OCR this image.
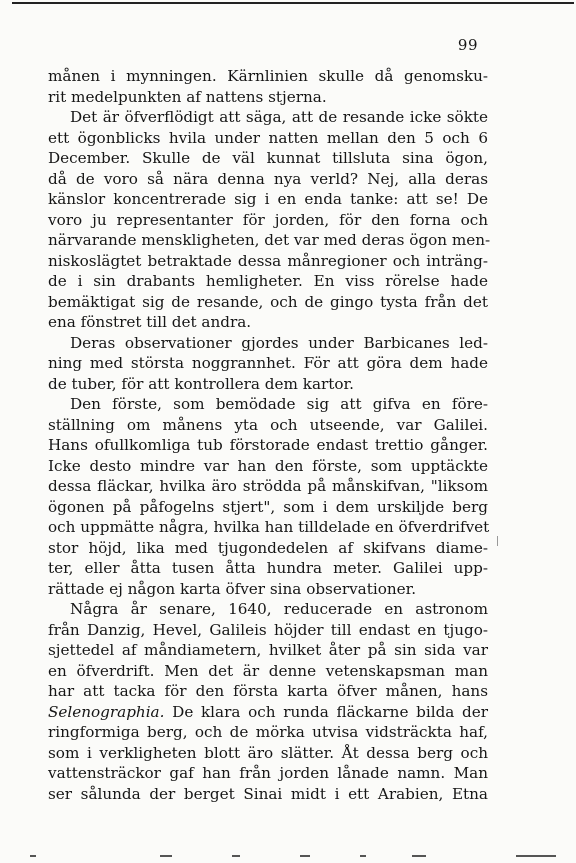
99
månen i mynningen. Kärnlinien skulle då genomsku-
rit medelpunkten af nattens stjerna.
Det är öfverflödigt att säga, att de resande icke sökte
ett ögonblicks hvila under natten mellan den 5 och 6
December. Skulle de väl kunnat tillsluta sina ögon,
då de voro så nära denna nya verld? Nej, alla deras
känslor koncentrerade sig i en enda tanke: att se! De
voro ju representanter för jorden, för den forna och
närvarande menskligheten, det var med deras ögon men-
niskoslägtet betraktade dessa månregioner och inträng-
de i sin drabants hemligheter. En viss rörelse hade
bemäktigat sig de resande, och de gingo tysta från det
ena fönstret till det andra.
Deras observationer gjordes under Barbicanes led-
ning med största noggrannhet. För att göra dem hade
de tuber, för att kontrollera dem kartor.
Den förste, som bemödade sig att gifva en före-
ställning om månens yta och utseende, var Galilei.
Hans ofullkomliga tub förstorade endast trettio gånger.
Icke desto mindre var han den förste, som upptäckte
dessa fläckar, hvilka äro strödda på månskifvan, "liksom
ögonen på påfogelns stjert", som i dem urskiljde berg
och uppmätte några, hvilka han tilldelade en öfverdrifvet
stor höjd, lika med tjugondedelen af skifvans diame-
ter, eller åtta tusen åtta hundra meter. Galilei upp-
rättade ej någon karta öfver sina observationer.
Några år senare, 1640, reducerade en astronom
från Danzig, Hevel, Galileis höjder till endast en tjugo-
sjettedel af måndiametern, hvilket åter på sin sida var
en öfverdrift. Men det är denne vetenskapsman man
har att tacka för den första karta öfver månen, hans
Selenographia. De klara och runda fläckarne bilda der
ringformiga berg, och de mörka utvisa vidsträckta haf,
som i verkligheten blott äro slätter. Åt dessa berg och
vattensträckor gaf han från jorden lånade namn. Man
ser sålunda der berget Sinai midt i ett Arabien, Etna
